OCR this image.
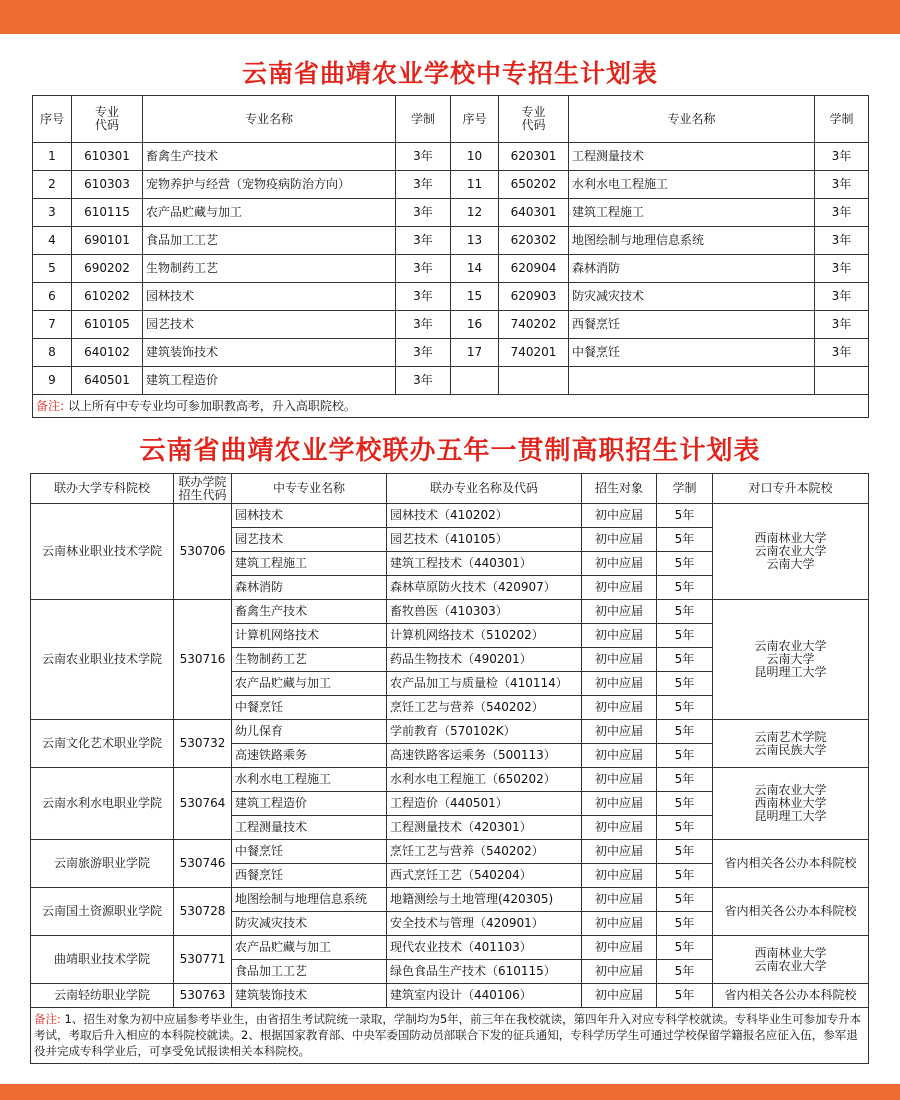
云南省曲靖农业学校中专招生计划表
序号	专业
代码	专业名称	学制	序号	专业
代码	专业名称	学制
1	610301	畜禽生产技术	3年	10	620301	工程测量技术	3年
2	610303	宠物养护与经营（宠物疫病防治方向）	3年	11	650202	水利水电工程施工	3年
3	610115	农产品贮藏与加工	3年	12	640301	建筑工程施工	3年
4	690101	食品加工工艺	3年	13	620302	地图绘制与地理信息系统	3年
5	690202	生物制药工艺	3年	14	620904	森林消防	3年
6	610202	园林技术	3年	15	620903	防灾减灾技术	3年
7	610105	园艺技术	3年	16	740202	西餐烹饪	3年
8	640102	建筑装饰技术	3年	17	740201	中餐烹饪	3年
9	640501	建筑工程造价	3年				
备注: 以上所有中专专业均可参加职教高考，升入高职院校。							
云南省曲靖农业学校联办五年一贯制高职招生计划表
联办大学专科院校	联办学院
招生代码	中专专业名称	联办专业名称及代码	招生对象	学制	对口专升本院校
云南林业职业技术学院	530706	园林技术	园林技术（410202）	初中应届	5年	西南林业大学
云南农业大学
云南大学
		园艺技术	园艺技术（410105）	初中应届	5年	
		建筑工程施工	建筑工程技术（440301）	初中应届	5年	
		森林消防	森林草原防火技术（420907）	初中应届	5年	
云南农业职业技术学院	530716	畜禽生产技术	畜牧兽医（410303）	初中应届	5年	云南农业大学
云南大学
昆明理工大学
		计算机网络技术	计算机网络技术（510202）	初中应届	5年	
		生物制药工艺	药品生物技术（490201）	初中应届	5年	
		农产品贮藏与加工	农产品加工与质量检（410114）	初中应届	5年	
		中餐烹饪	烹饪工艺与营养（540202）	初中应届	5年	
云南文化艺术职业学院	530732	幼儿保育	学前教育（570102K）	初中应届	5年	云南艺术学院
云南民族大学
		高速铁路乘务	高速铁路客运乘务（500113）	初中应届	5年	
云南水利水电职业学院	530764	水利水电工程施工	水利水电工程施工（650202）	初中应届	5年	云南农业大学
西南林业大学
昆明理工大学
		建筑工程造价	工程造价（440501）	初中应届	5年	
		工程测量技术	工程测量技术（420301）	初中应届	5年	
云南旅游职业学院	530746	中餐烹饪	烹饪工艺与营养（540202）	初中应届	5年	省内相关各公办本科院校
		西餐烹饪	西式烹饪工艺（540204）	初中应届	5年	
云南国土资源职业学院	530728	地图绘制与地理信息系统	地籍测绘与土地管理(420305)	初中应届	5年	省内相关各公办本科院校
		防灾减灾技术	安全技术与管理（420901）	初中应届	5年	
曲靖职业技术学院	530771	农产品贮藏与加工	现代农业技术（401103）	初中应届	5年	西南林业大学
云南农业大学
		食品加工工艺	绿色食品生产技术（610115）	初中应届	5年	
云南轻纺职业学院	530763	建筑装饰技术	建筑室内设计（440106）	初中应届	5年	省内相关各公办本科院校
备注: 1、招生对象为初中应届参考毕业生，由省招生考试院统一录取，学制均为5年，前三年在我校就读，第四年升入对应专科学校就读。专科毕业生可参加专升本考试，考取后升入相应的本科院校就读。2、根据国家教育部、中央军委国防动员部联合下发的征兵通知，专科学历学生可通过学校保留学籍报名应征入伍，参军退役并完成专科学业后，可享受免试报读相关本科院校。						
